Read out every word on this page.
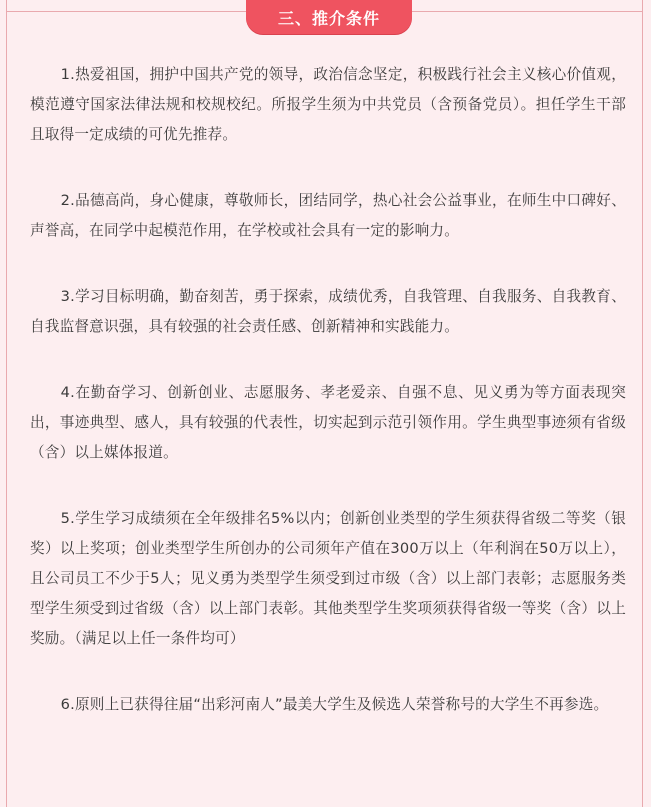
三、推介条件

1.热爱祖国，拥护中国共产党的领导，政治信念坚定，积极践行社会主义核心价值观，模范遵守国家法律法规和校规校纪。所报学生须为中共党员（含预备党员）。担任学生干部且取得一定成绩的可优先推荐。

2.品德高尚，身心健康，尊敬师长，团结同学，热心社会公益事业，在师生中口碑好、声誉高，在同学中起模范作用，在学校或社会具有一定的影响力。

3.学习目标明确，勤奋刻苦，勇于探索，成绩优秀，自我管理、自我服务、自我教育、自我监督意识强，具有较强的社会责任感、创新精神和实践能力。

4.在勤奋学习、创新创业、志愿服务、孝老爱亲、自强不息、见义勇为等方面表现突出，事迹典型、感人，具有较强的代表性，切实起到示范引领作用。学生典型事迹须有省级（含）以上媒体报道。

5.学生学习成绩须在全年级排名5%以内；创新创业类型的学生须获得省级二等奖（银奖）以上奖项；创业类型学生所创办的公司须年产值在300万以上（年利润在50万以上），且公司员工不少于5人；见义勇为类型学生须受到过市级（含）以上部门表彰；志愿服务类型学生须受到过省级（含）以上部门表彰。其他类型学生奖项须获得省级一等奖（含）以上奖励。（满足以上任一条件均可）

6.原则上已获得往届“出彩河南人”最美大学生及候选人荣誉称号的大学生不再参选。
